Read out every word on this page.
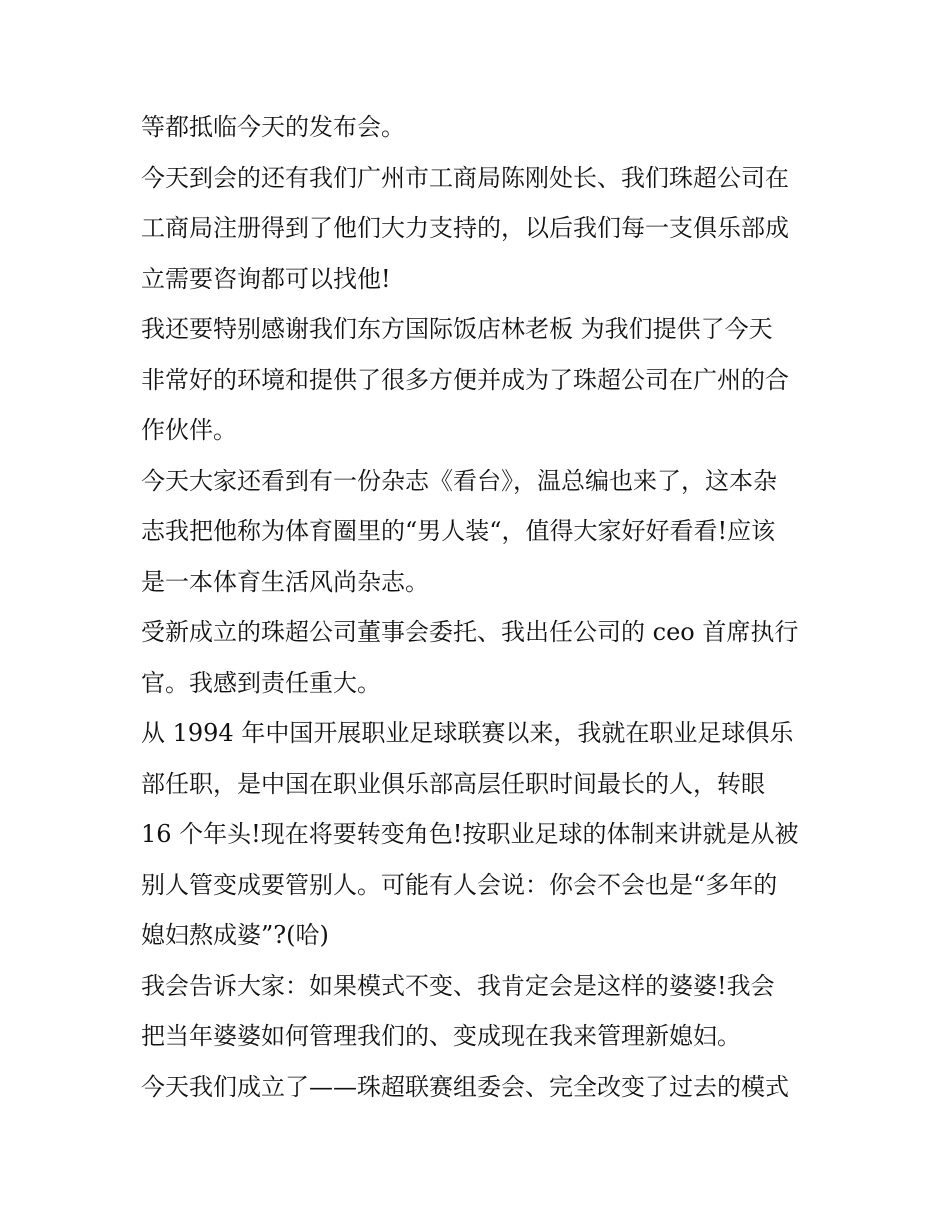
等都抵临今天的发布会。
今天到会的还有我们广州市工商局陈刚处长、我们珠超公司在
工商局注册得到了他们大力支持的，以后我们每一支俱乐部成
立需要咨询都可以找他!
我还要特别感谢我们东方国际饭店林老板 为我们提供了今天
非常好的环境和提供了很多方便并成为了珠超公司在广州的合
作伙伴。
今天大家还看到有一份杂志《看台》，温总编也来了，这本杂
志我把他称为体育圈里的“男人装“，值得大家好好看看!应该
是一本体育生活风尚杂志。
受新成立的珠超公司董事会委托、我出任公司的 ceo 首席执行
官。我感到责任重大。
从 1994 年中国开展职业足球联赛以来，我就在职业足球俱乐
部任职，是中国在职业俱乐部高层任职时间最长的人，转眼
16 个年头!现在将要转变角色!按职业足球的体制来讲就是从被
别人管变成要管别人。可能有人会说：你会不会也是“多年的
媳妇熬成婆”?(哈)
我会告诉大家：如果模式不变、我肯定会是这样的婆婆!我会
把当年婆婆如何管理我们的、变成现在我来管理新媳妇。
今天我们成立了——珠超联赛组委会、完全改变了过去的模式
